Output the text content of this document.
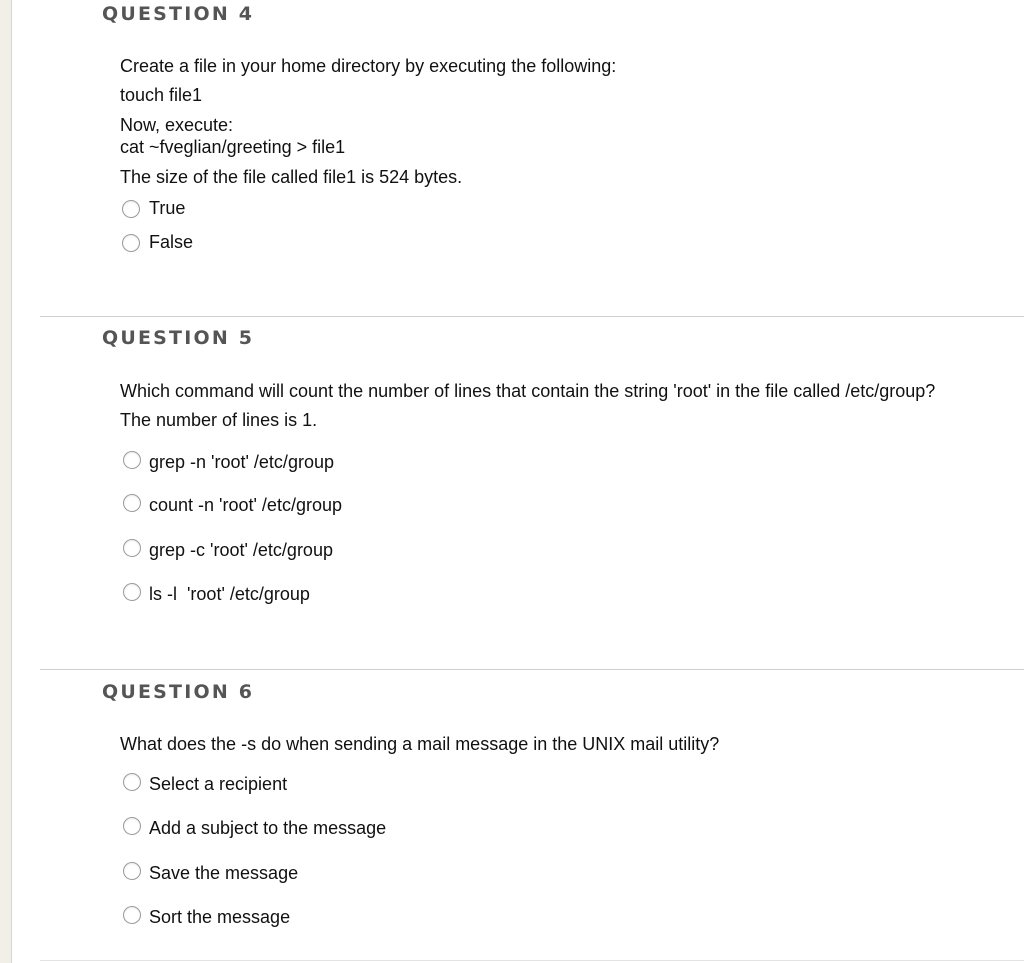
QUESTION 4
Create a file in your home directory by executing the following:
touch file1
Now, execute:
cat ~fveglian/greeting > file1
The size of the file called file1 is 524 bytes.
True
False
QUESTION 5
Which command will count the number of lines that contain the string 'root' in the file called /etc/group?
The number of lines is 1.
grep -n 'root' /etc/group
count -n 'root' /etc/group
grep -c 'root' /etc/group
ls -l  'root' /etc/group
QUESTION 6
What does the -s do when sending a mail message in the UNIX mail utility?
Select a recipient
Add a subject to the message
Save the message
Sort the message
